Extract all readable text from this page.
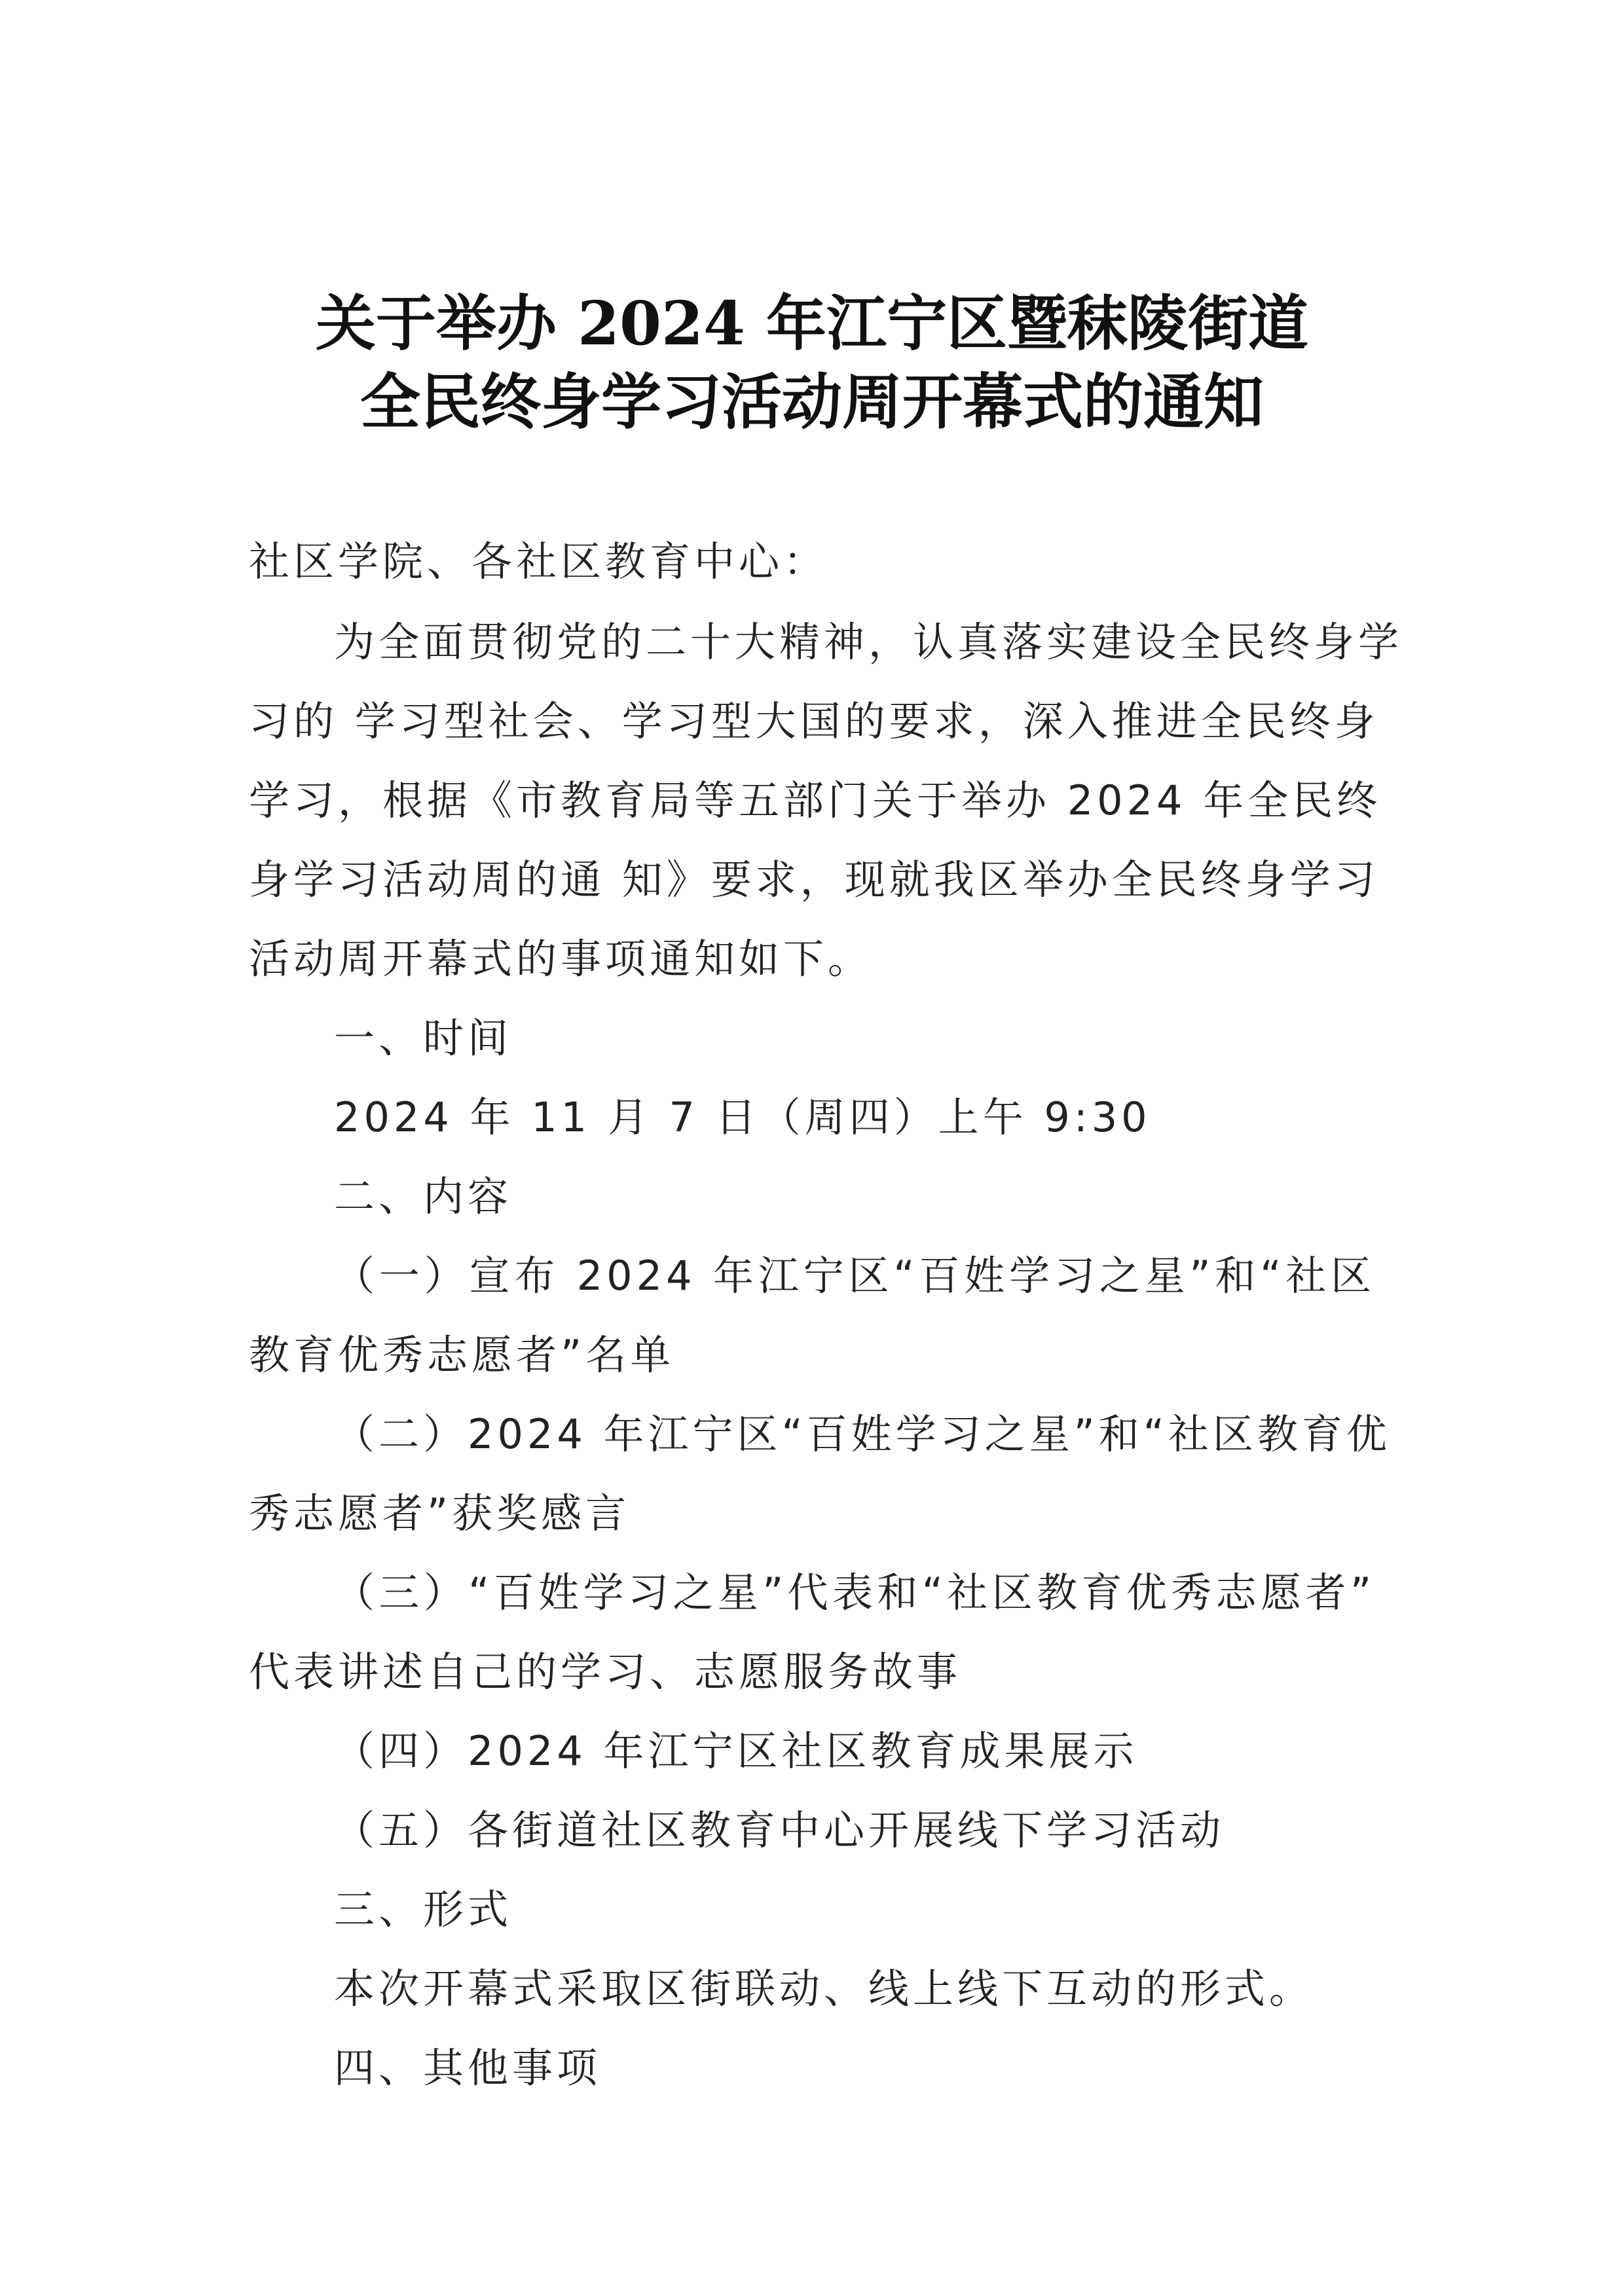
关于举办 2024 年江宁区暨秣陵街道
全民终身学习活动周开幕式的通知
社区学院、各社区教育中心：
为全面贯彻党的二十大精神，认真落实建设全民终身学
习的 学习型社会、学习型大国的要求，深入推进全民终身
学习，根据《市教育局等五部门关于举办 2024 年全民终
身学习活动周的通 知》要求，现就我区举办全民终身学习
活动周开幕式的事项通知如下。
一、时间
2024 年 11 月 7 日（周四）上午 9:30
二、内容
（一）宣布 2024 年江宁区“百姓学习之星”和“社区
教育优秀志愿者”名单
（二）2024 年江宁区“百姓学习之星”和“社区教育优
秀志愿者”获奖感言
（三）“百姓学习之星”代表和“社区教育优秀志愿者”
代表讲述自己的学习、志愿服务故事
（四）2024 年江宁区社区教育成果展示
（五）各街道社区教育中心开展线下学习活动
三、形式
本次开幕式采取区街联动、线上线下互动的形式。
四、其他事项
